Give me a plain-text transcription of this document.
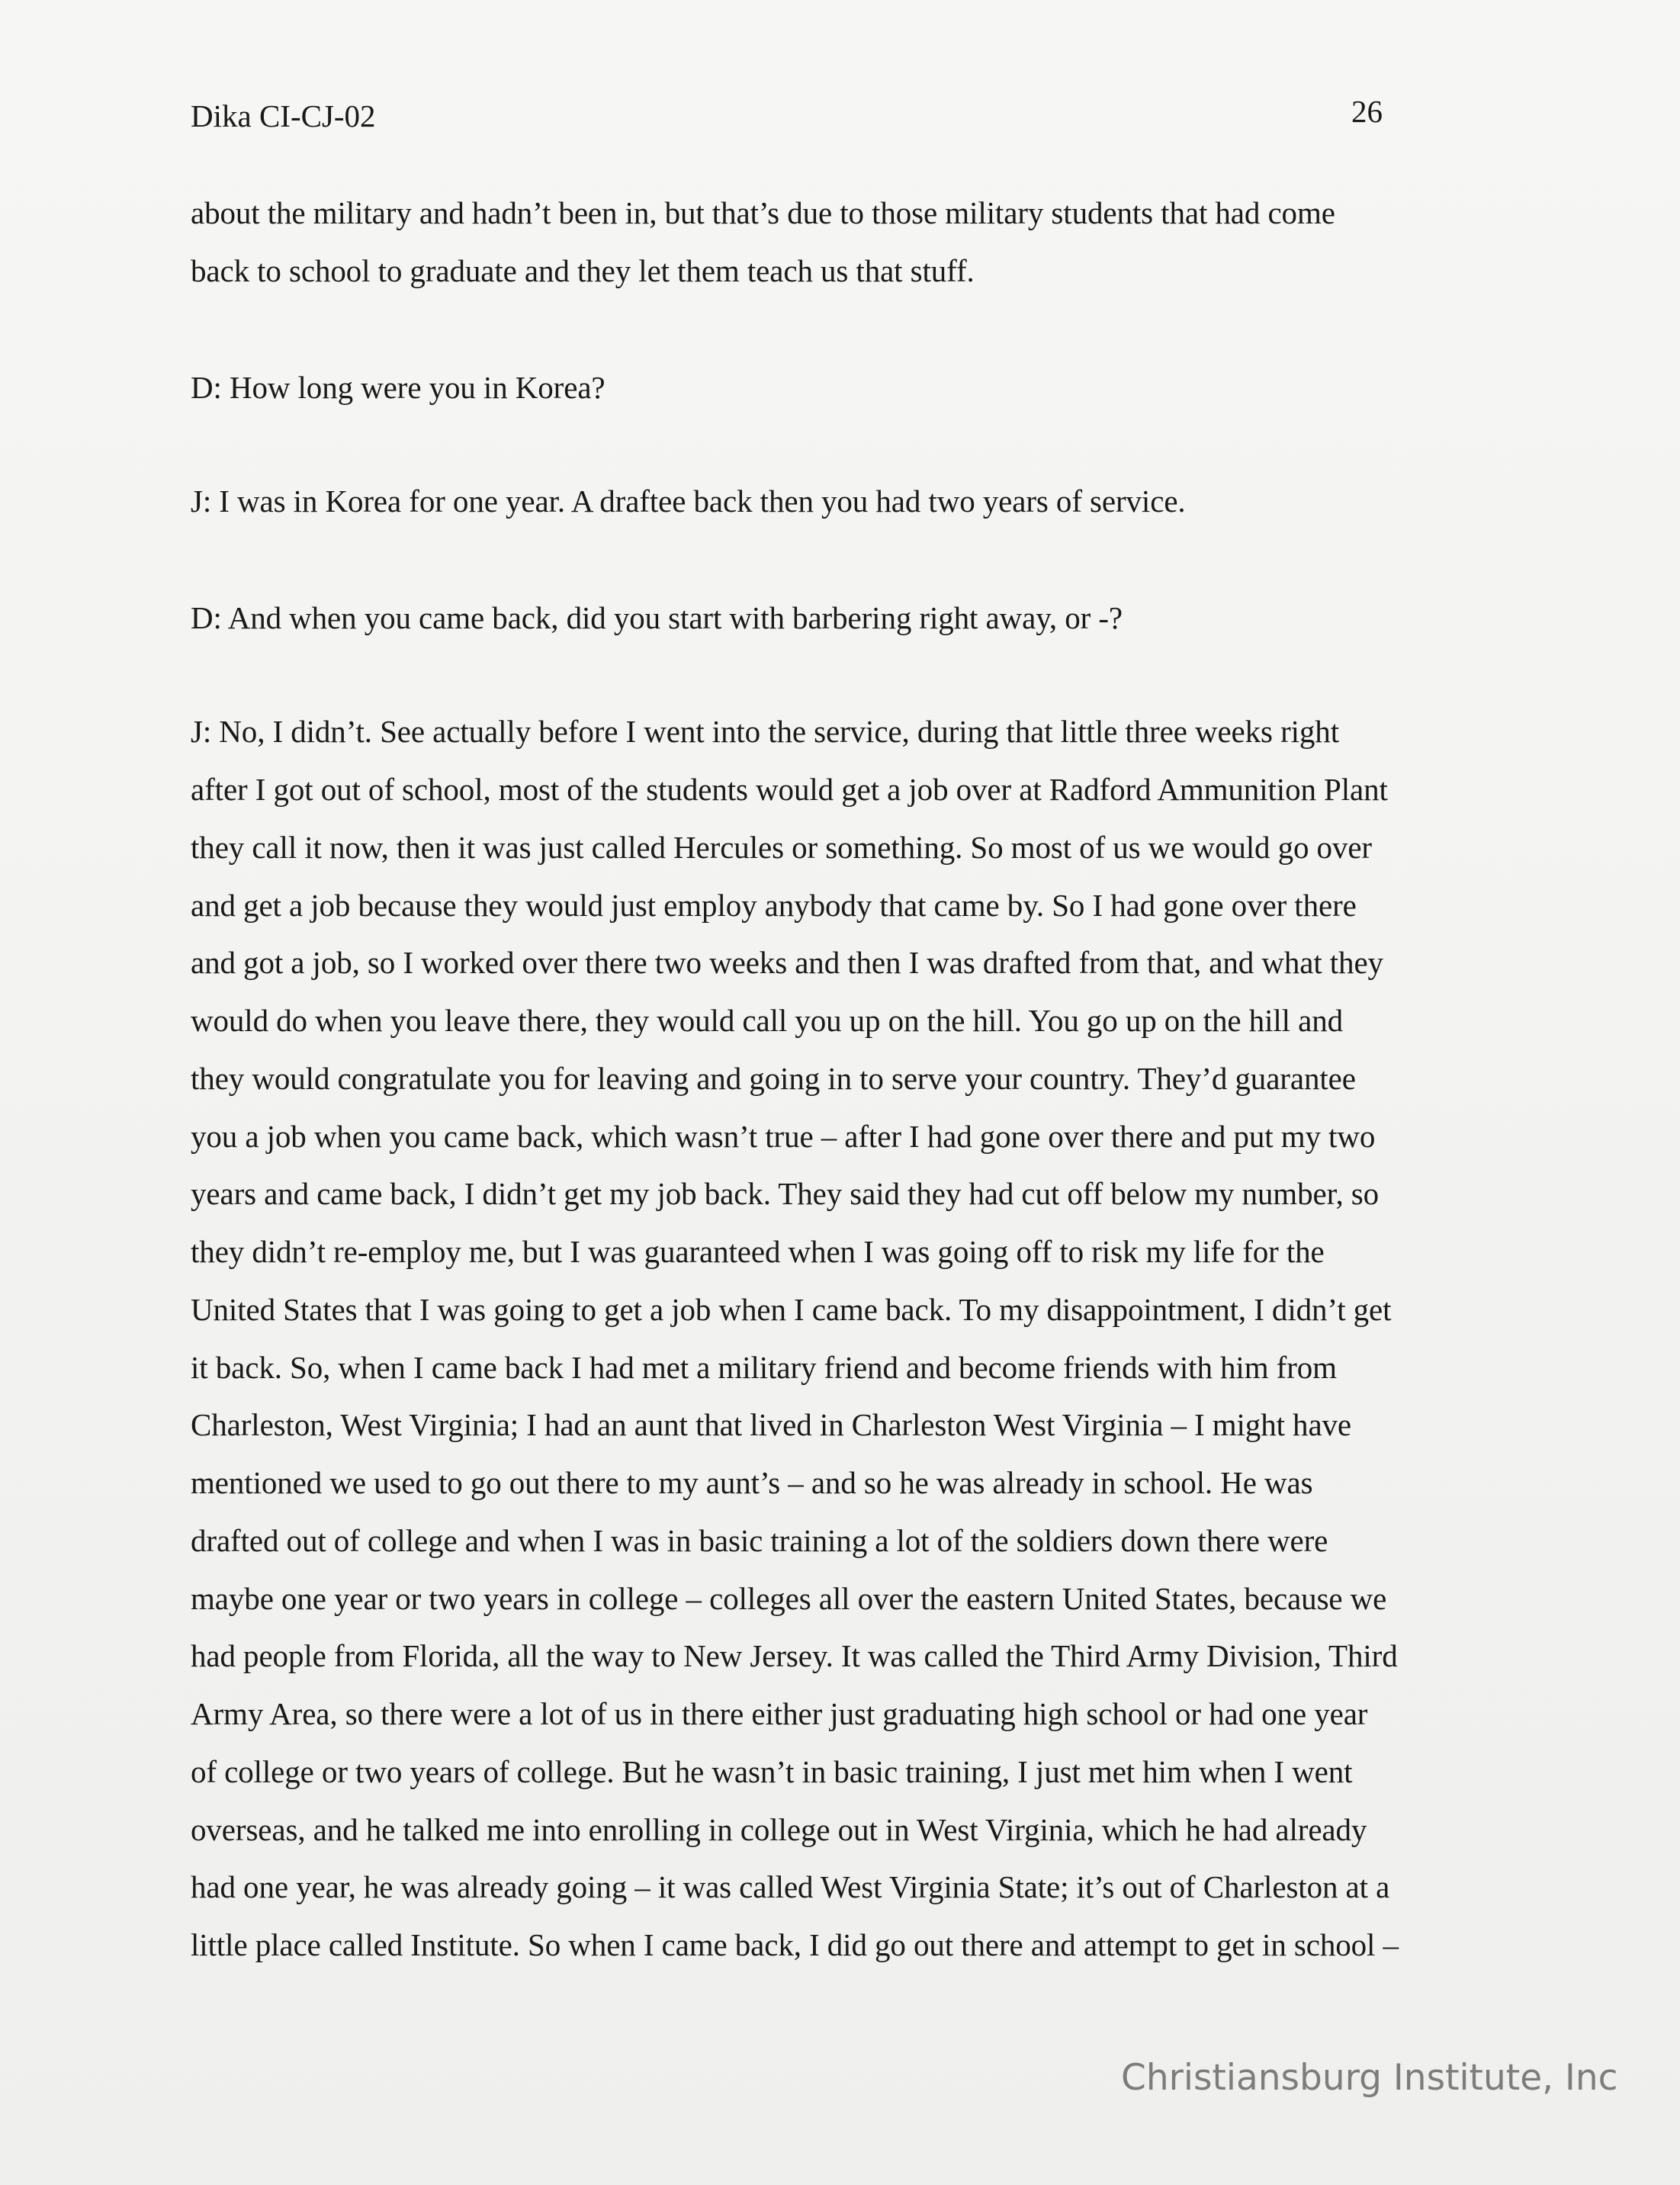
Dika CI-CJ-02	26
about the military and hadn’t been in, but that’s due to those military students that had come
back to school to graduate and they let them teach us that stuff.
D: How long were you in Korea?
J: I was in Korea for one year. A draftee back then you had two years of service.
D: And when you came back, did you start with barbering right away, or -?
J: No, I didn’t. See actually before I went into the service, during that little three weeks right
after I got out of school, most of the students would get a job over at Radford Ammunition Plant
they call it now, then it was just called Hercules or something. So most of us we would go over
and get a job because they would just employ anybody that came by. So I had gone over there
and got a job, so I worked over there two weeks and then I was drafted from that, and what they
would do when you leave there, they would call you up on the hill. You go up on the hill and
they would congratulate you for leaving and going in to serve your country. They’d guarantee
you a job when you came back, which wasn’t true – after I had gone over there and put my two
years and came back, I didn’t get my job back. They said they had cut off below my number, so
they didn’t re-employ me, but I was guaranteed when I was going off to risk my life for the
United States that I was going to get a job when I came back. To my disappointment, I didn’t get
it back. So, when I came back I had met a military friend and become friends with him from
Charleston, West Virginia; I had an aunt that lived in Charleston West Virginia – I might have
mentioned we used to go out there to my aunt’s – and so he was already in school. He was
drafted out of college and when I was in basic training a lot of the soldiers down there were
maybe one year or two years in college – colleges all over the eastern United States, because we
had people from Florida, all the way to New Jersey. It was called the Third Army Division, Third
Army Area, so there were a lot of us in there either just graduating high school or had one year
of college or two years of college. But he wasn’t in basic training, I just met him when I went
overseas, and he talked me into enrolling in college out in West Virginia, which he had already
had one year, he was already going – it was called West Virginia State; it’s out of Charleston at a
little place called Institute. So when I came back, I did go out there and attempt to get in school –
Christiansburg Institute, Inc
